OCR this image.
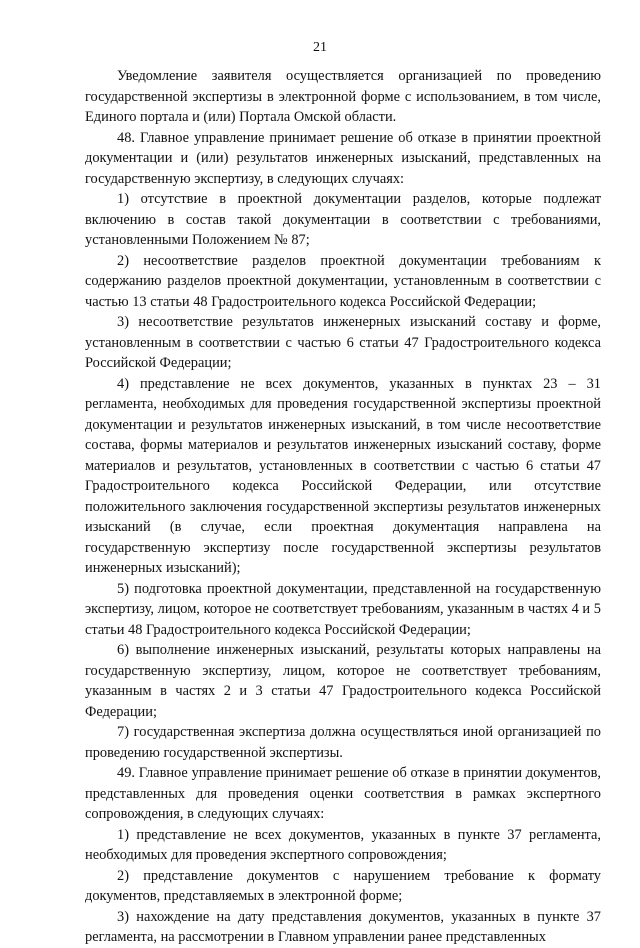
21

Уведомление заявителя осуществляется организацией по проведению государственной экспертизы в электронной форме с использованием, в том числе, Единого портала и (или) Портала Омской области.

48. Главное управление принимает решение об отказе в принятии проектной документации и (или) результатов инженерных изысканий, представленных на государственную экспертизу, в следующих случаях:

1) отсутствие в проектной документации разделов, которые подлежат включению в состав такой документации в соответствии с требованиями, установленными Положением № 87;

2) несоответствие разделов проектной документации требованиям к содержанию разделов проектной документации, установленным в соответствии с частью 13 статьи 48 Градостроительного кодекса Российской Федерации;

3) несоответствие результатов инженерных изысканий составу и форме, установленным в соответствии с частью 6 статьи 47 Градостроительного кодекса Российской Федерации;

4) представление не всех документов, указанных в пунктах 23 – 31 регламента, необходимых для проведения государственной экспертизы проектной документации и результатов инженерных изысканий, в том числе несоответствие состава, формы материалов и результатов инженерных изысканий составу, форме материалов и результатов, установленных в соответствии с частью 6 статьи 47 Градостроительного кодекса Российской Федерации, или отсутствие положительного заключения государственной экспертизы результатов инженерных изысканий (в случае, если проектная документация направлена на государственную экспертизу после государственной экспертизы результатов инженерных изысканий);

5) подготовка проектной документации, представленной на государственную экспертизу, лицом, которое не соответствует требованиям, указанным в частях 4 и 5 статьи 48 Градостроительного кодекса Российской Федерации;

6) выполнение инженерных изысканий, результаты которых направлены на государственную экспертизу, лицом, которое не соответствует требованиям, указанным в частях 2 и 3 статьи 47 Градостроительного кодекса Российской Федерации;

7) государственная экспертиза должна осуществляться иной организацией по проведению государственной экспертизы.

49. Главное управление принимает решение об отказе в принятии документов, представленных для проведения оценки соответствия в рамках экспертного сопровождения, в следующих случаях:

1) представление не всех документов, указанных в пункте 37 регламента, необходимых для проведения экспертного сопровождения;

2) представление документов с нарушением требование к формату документов, представляемых в электронной форме;

3) нахождение на дату представления документов, указанных в пункте 37 регламента, на рассмотрении в Главном управлении ранее представленных
